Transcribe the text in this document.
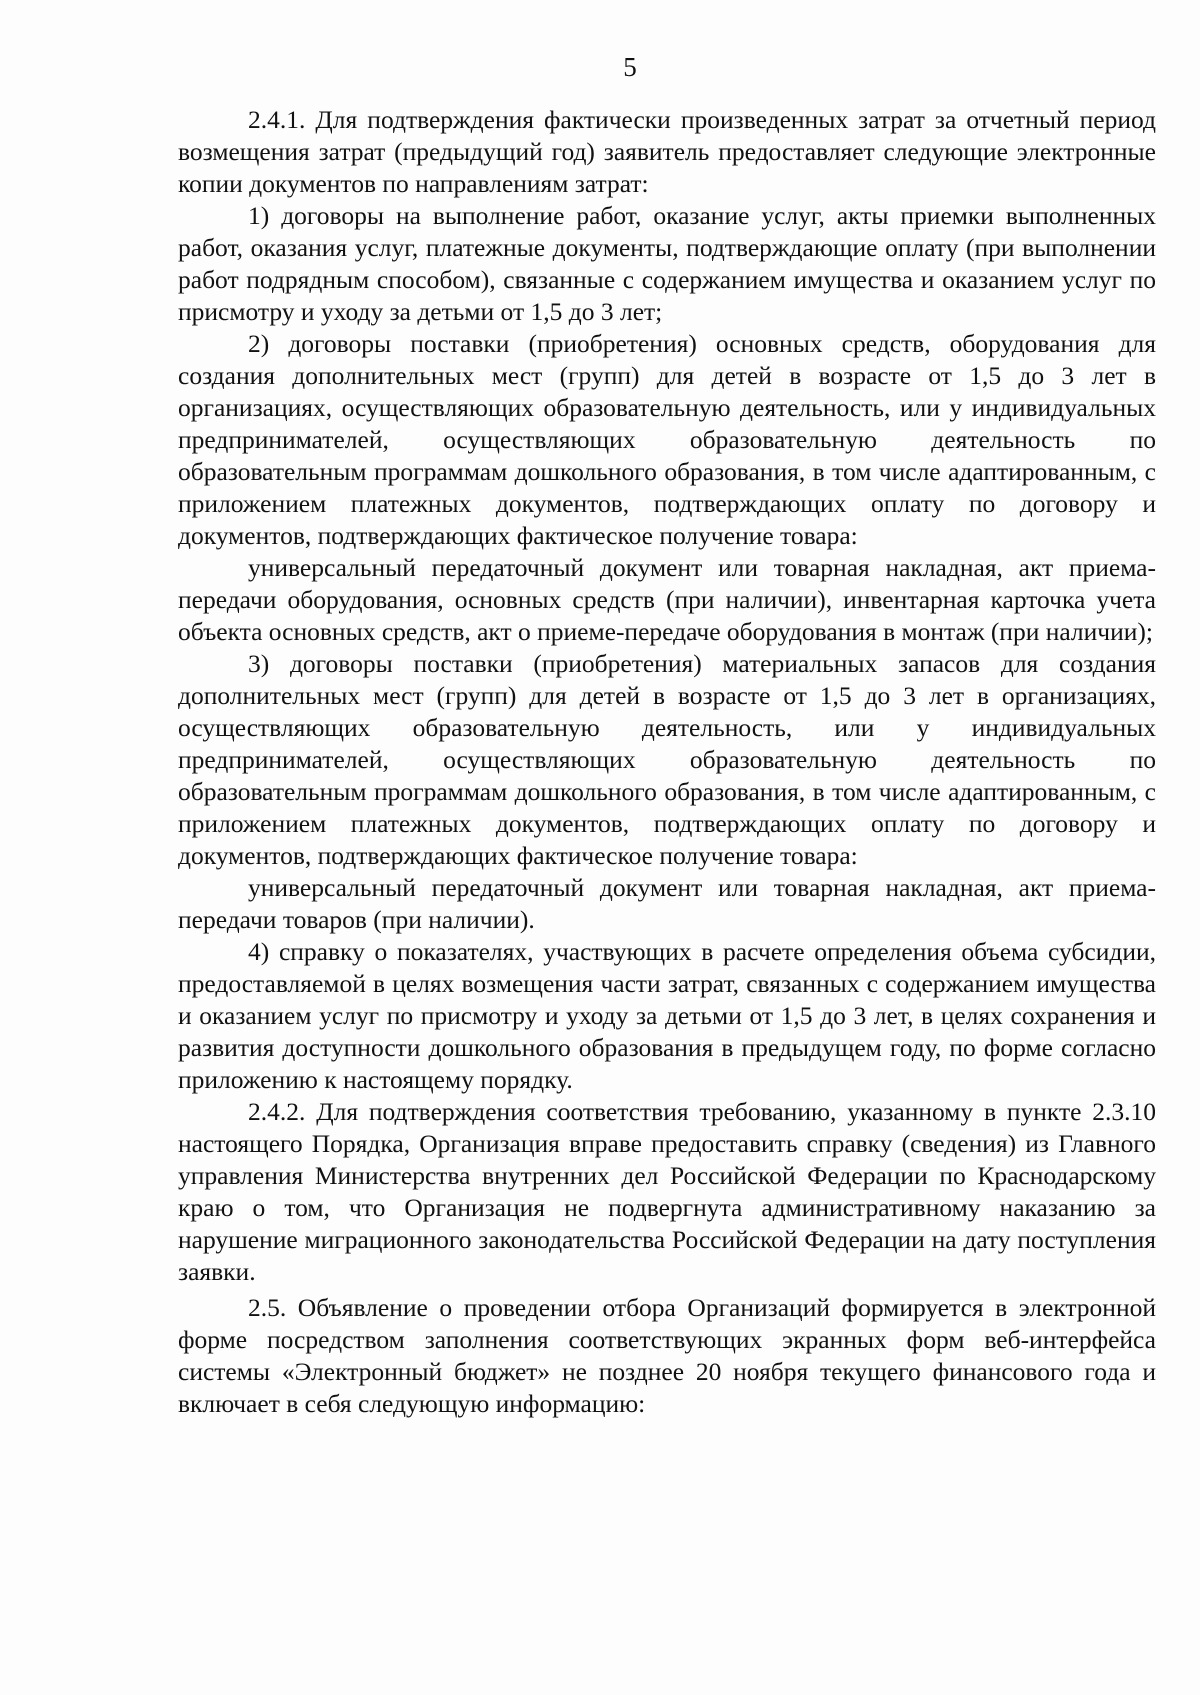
5

2.4.1. Для подтверждения фактически произведенных затрат за отчетный период возмещения затрат (предыдущий год) заявитель предоставляет следующие электронные копии документов по направлениям затрат:

1) договоры на выполнение работ, оказание услуг, акты приемки выполненных работ, оказания услуг, платежные документы, подтверждающие оплату (при выполнении работ подрядным способом), связанные с содержанием имущества и оказанием услуг по присмотру и уходу за детьми от 1,5 до 3 лет;

2) договоры поставки (приобретения) основных средств, оборудования для создания дополнительных мест (групп) для детей в возрасте от 1,5 до 3 лет в организациях, осуществляющих образовательную деятельность, или у индивидуальных предпринимателей, осуществляющих образовательную деятельность по образовательным программам дошкольного образования, в том числе адаптированным, с приложением платежных документов, подтверждающих оплату по договору и документов, подтверждающих фактическое получение товара:

универсальный передаточный документ или товарная накладная, акт приема-передачи оборудования, основных средств (при наличии), инвентарная карточка учета объекта основных средств, акт о приеме-передаче оборудования в монтаж (при наличии);

3) договоры поставки (приобретения) материальных запасов для создания дополнительных мест (групп) для детей в возрасте от 1,5 до 3 лет в организациях, осуществляющих образовательную деятельность, или у индивидуальных предпринимателей, осуществляющих образовательную деятельность по образовательным программам дошкольного образования, в том числе адаптированным, с приложением платежных документов, подтверждающих оплату по договору и документов, подтверждающих фактическое получение товара:

универсальный передаточный документ или товарная накладная, акт приема-передачи товаров (при наличии).

4) справку о показателях, участвующих в расчете определения объема субсидии, предоставляемой в целях возмещения части затрат, связанных с содержанием имущества и оказанием услуг по присмотру и уходу за детьми от 1,5 до 3 лет, в целях сохранения и развития доступности дошкольного образования в предыдущем году, по форме согласно приложению к настоящему порядку.

2.4.2. Для подтверждения соответствия требованию, указанному в пункте 2.3.10 настоящего Порядка, Организация вправе предоставить справку (сведения) из Главного управления Министерства внутренних дел Российской Федерации по Краснодарскому краю о том, что Организация не подвергнута административному наказанию за нарушение миграционного законодательства Российской Федерации на дату поступления заявки.

2.5. Объявление о проведении отбора Организаций формируется в электронной форме посредством заполнения соответствующих экранных форм веб-интерфейса системы «Электронный бюджет» не позднее 20 ноября текущего финансового года и включает в себя следующую информацию:
